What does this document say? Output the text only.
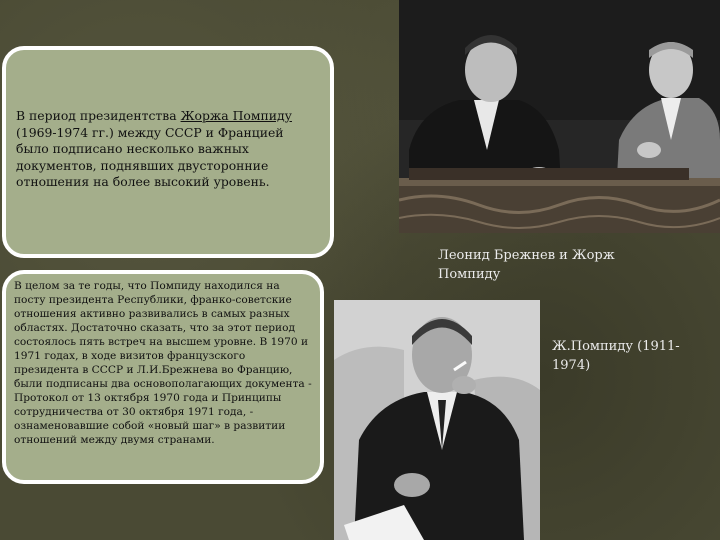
В период президентства Жоржа Помпиду (1969-1974 гг.) между СССР и Францией было подписано несколько важных документов, поднявших двусторонние отношения на более высокий уровень.
В целом за те годы, что Помпиду находился на посту президента Республики, франко-советские отношения активно развивались в самых разных областях. Достаточно сказать, что за этот период состоялось пять встреч на высшем уровне. В 1970 и 1971 годах, в ходе визитов французского президента в СССР и Л.И.Брежнева во Францию, были подписаны два основополагающих документа - Протокол от 13 октября 1970 года и Принципы сотрудничества от 30 октября 1971 года, - ознаменовавшие собой «новый шаг» в развитии отношений между двумя странами.
Леонид Брежнев и Жорж Помпиду
Ж.Помпиду (1911-1974)
